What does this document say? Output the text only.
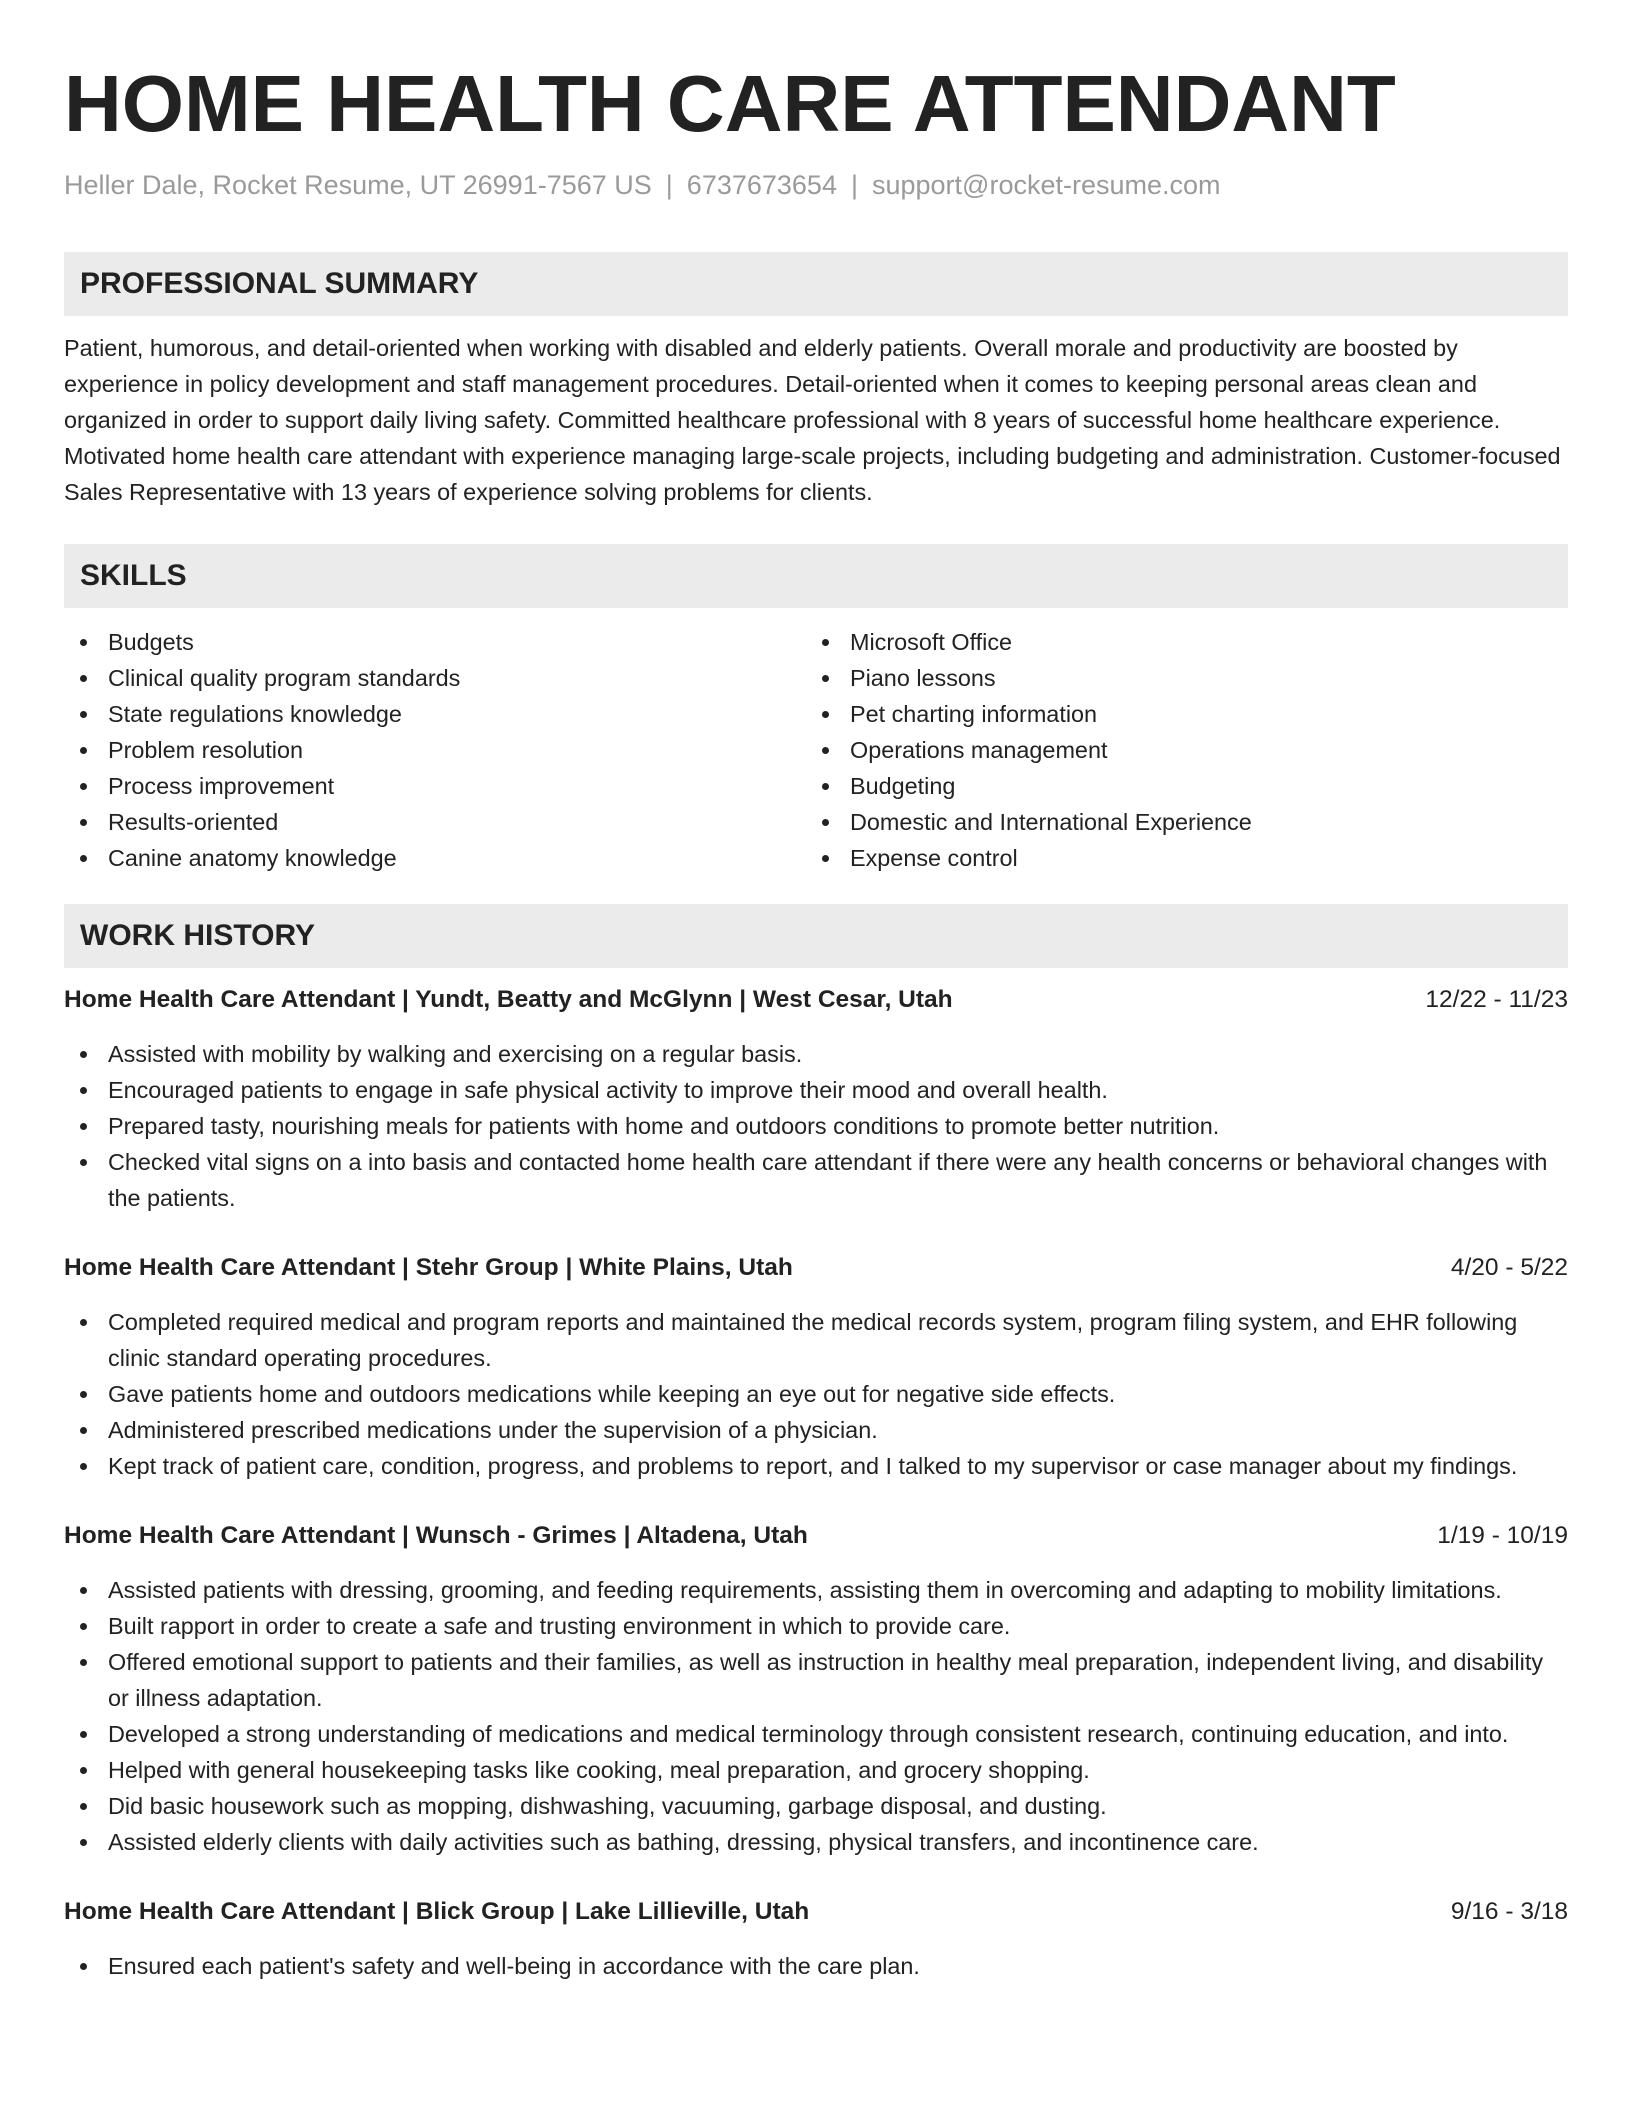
HOME HEALTH CARE ATTENDANT
Heller Dale, Rocket Resume, UT 26991-7567 US | 6737673654 | support@rocket-resume.com
PROFESSIONAL SUMMARY

Patient, humorous, and detail-oriented when working with disabled and elderly patients. Overall morale and productivity are boosted by experience in policy development and staff management procedures. Detail-oriented when it comes to keeping personal areas clean and organized in order to support daily living safety. Committed healthcare professional with 8 years of successful home healthcare experience. Motivated home health care attendant with experience managing large-scale projects, including budgeting and administration. Customer-focused Sales Representative with 13 years of experience solving problems for clients.

SKILLS
Budgets
Clinical quality program standards
State regulations knowledge
Problem resolution
Process improvement
Results-oriented
Canine anatomy knowledge
Microsoft Office
Piano lessons
Pet charting information
Operations management
Budgeting
Domestic and International Experience
Expense control
WORK HISTORY
Home Health Care Attendant | Yundt, Beatty and McGlynn | West Cesar, Utah	12/22 - 11/23
Assisted with mobility by walking and exercising on a regular basis.
Encouraged patients to engage in safe physical activity to improve their mood and overall health.
Prepared tasty, nourishing meals for patients with home and outdoors conditions to promote better nutrition.
Checked vital signs on a into basis and contacted home health care attendant if there were any health concerns or behavioral changes with the patients.
Home Health Care Attendant | Stehr Group | White Plains, Utah	4/20 - 5/22
Completed required medical and program reports and maintained the medical records system, program filing system, and EHR following clinic standard operating procedures.
Gave patients home and outdoors medications while keeping an eye out for negative side effects.
Administered prescribed medications under the supervision of a physician.
Kept track of patient care, condition, progress, and problems to report, and I talked to my supervisor or case manager about my findings.
Home Health Care Attendant | Wunsch - Grimes | Altadena, Utah	1/19 - 10/19
Assisted patients with dressing, grooming, and feeding requirements, assisting them in overcoming and adapting to mobility limitations.
Built rapport in order to create a safe and trusting environment in which to provide care.
Offered emotional support to patients and their families, as well as instruction in healthy meal preparation, independent living, and disability or illness adaptation.
Developed a strong understanding of medications and medical terminology through consistent research, continuing education, and into.
Helped with general housekeeping tasks like cooking, meal preparation, and grocery shopping.
Did basic housework such as mopping, dishwashing, vacuuming, garbage disposal, and dusting.
Assisted elderly clients with daily activities such as bathing, dressing, physical transfers, and incontinence care.
Home Health Care Attendant | Blick Group | Lake Lillieville, Utah	9/16 - 3/18
Ensured each patient's safety and well-being in accordance with the care plan.
